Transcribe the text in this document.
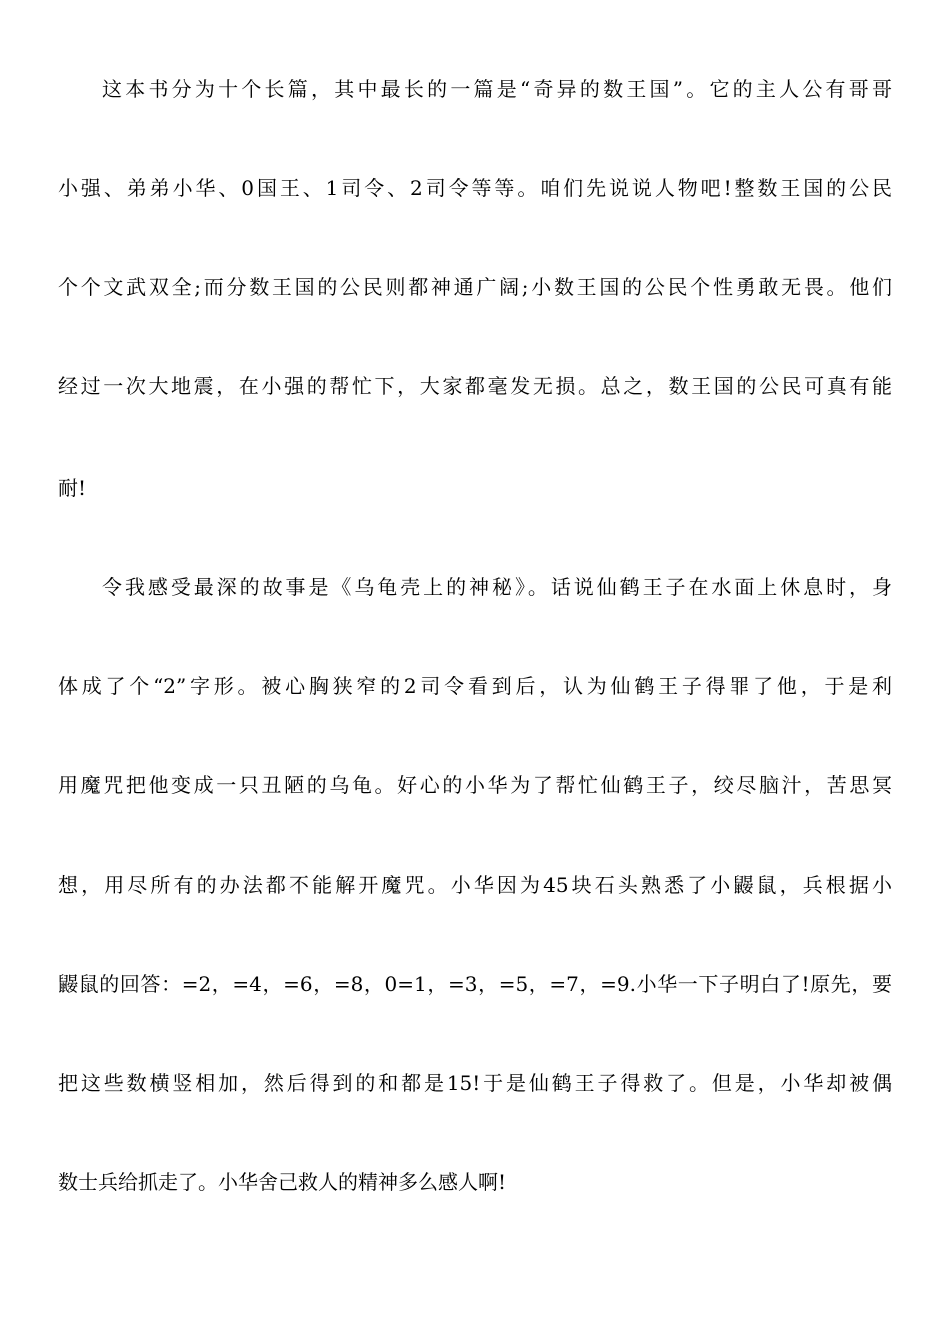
这本书分为十个长篇，其中最长的一篇是“奇异的数王国”。它的主人公有哥哥
小强、弟弟小华、0国王、1司令、2司令等等。咱们先说说人物吧!整数王国的公民
个个文武双全;而分数王国的公民则都神通广阔;小数王国的公民个性勇敢无畏。他们
经过一次大地震，在小强的帮忙下，大家都毫发无损。总之，数王国的公民可真有能
耐!
令我感受最深的故事是《乌龟壳上的神秘》。话说仙鹤王子在水面上休息时，身
体成了个“2”字形。被心胸狭窄的2司令看到后，认为仙鹤王子得罪了他，于是利
用魔咒把他变成一只丑陋的乌龟。好心的小华为了帮忙仙鹤王子，绞尽脑汁，苦思冥
想，用尽所有的办法都不能解开魔咒。小华因为45块石头熟悉了小鼹鼠，兵根据小
鼹鼠的回答：=2，=4，=6，=8，0=1，=3，=5，=7，=9.小华一下子明白了!原先，要
把这些数横竖相加，然后得到的和都是15!于是仙鹤王子得救了。但是，小华却被偶
数士兵给抓走了。小华舍己救人的精神多么感人啊!
